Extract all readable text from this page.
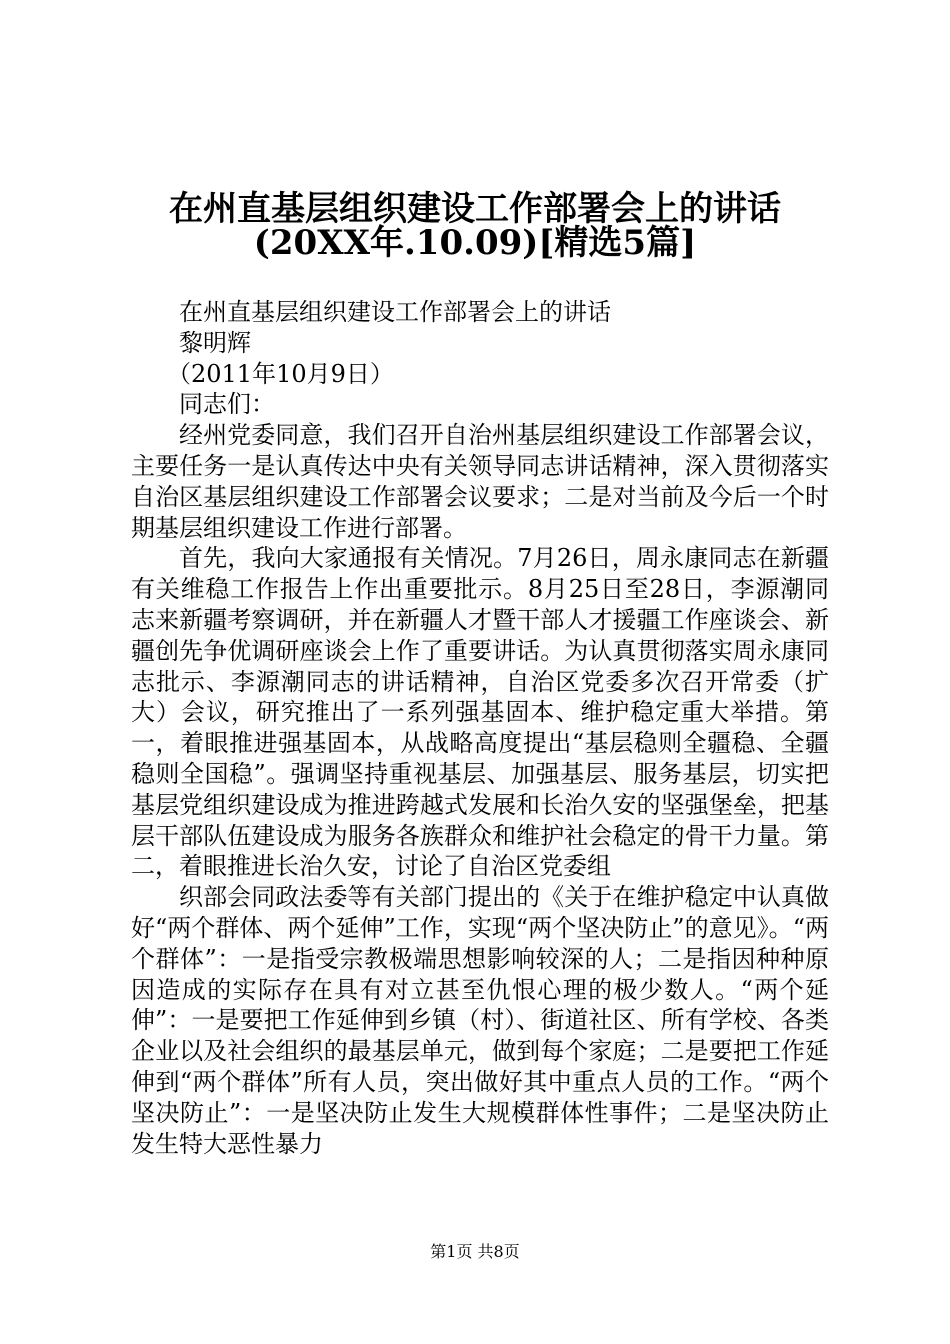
在州直基层组织建设工作部署会上的讲话
(20XX年.10.09)[精选5篇]

在州直基层组织建设工作部署会上的讲话

黎明辉

（2011年10月9日）

同志们：

经州党委同意，我们召开自治州基层组织建设工作部署会议，主要任务一是认真传达中央有关领导同志讲话精神，深入贯彻落实自治区基层组织建设工作部署会议要求；二是对当前及今后一个时期基层组织建设工作进行部署。

首先，我向大家通报有关情况。7月26日，周永康同志在新疆有关维稳工作报告上作出重要批示。8月25日至28日，李源潮同志来新疆考察调研，并在新疆人才暨干部人才援疆工作座谈会、新疆创先争优调研座谈会上作了重要讲话。为认真贯彻落实周永康同志批示、李源潮同志的讲话精神，自治区党委多次召开常委（扩大）会议，研究推出了一系列强基固本、维护稳定重大举措。第一，着眼推进强基固本，从战略高度提出“基层稳则全疆稳、全疆稳则全国稳”。强调坚持重视基层、加强基层、服务基层，切实把基层党组织建设成为推进跨越式发展和长治久安的坚强堡垒，把基层干部队伍建设成为服务各族群众和维护社会稳定的骨干力量。第二，着眼推进长治久安，讨论了自治区党委组

织部会同政法委等有关部门提出的《关于在维护稳定中认真做好“两个群体、两个延伸”工作，实现“两个坚决防止”的意见》。“两个群体”：一是指受宗教极端思想影响较深的人；二是指因种种原因造成的实际存在具有对立甚至仇恨心理的极少数人。“两个延伸”：一是要把工作延伸到乡镇（村）、街道社区、所有学校、各类企业以及社会组织的最基层单元，做到每个家庭；二是要把工作延伸到“两个群体”所有人员，突出做好其中重点人员的工作。“两个坚决防止”：一是坚决防止发生大规模群体性事件；二是坚决防止发生特大恶性暴力

第1页 共8页
